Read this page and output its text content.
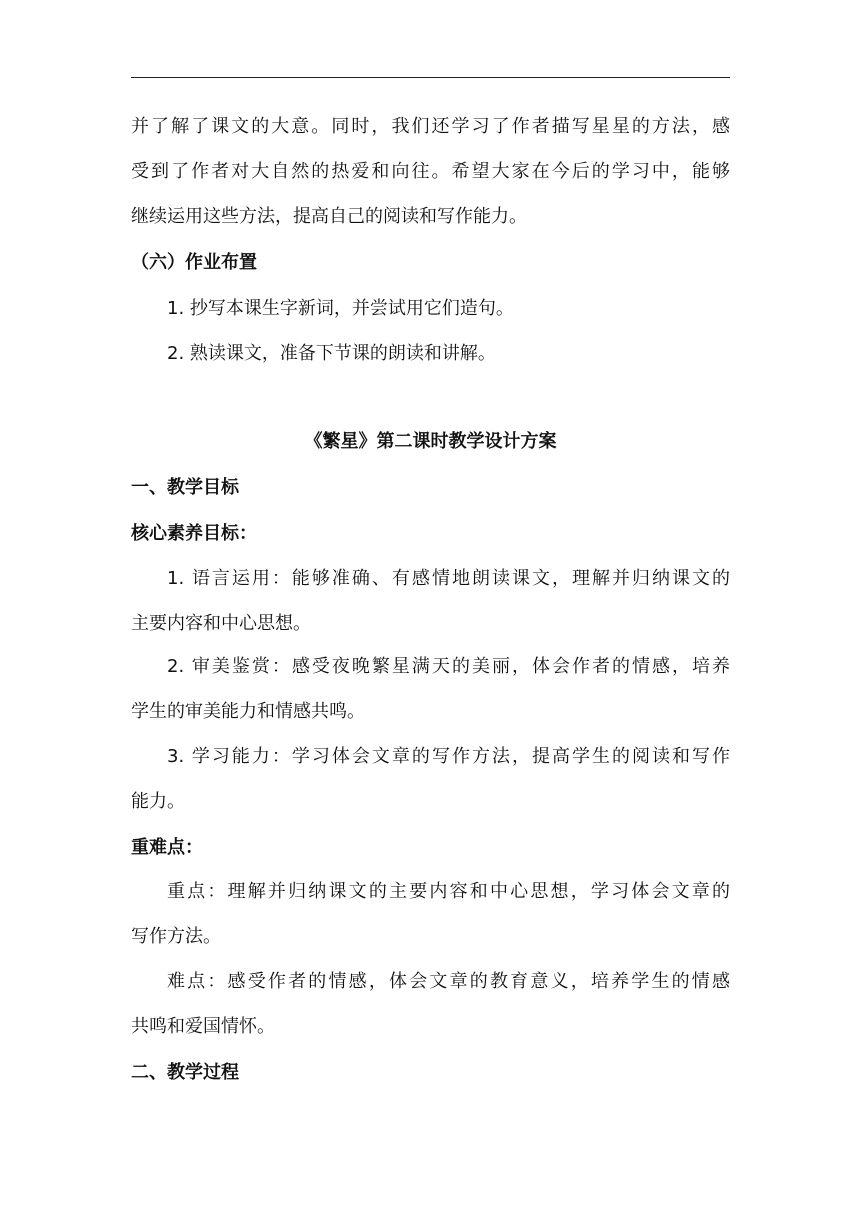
并了解了课文的大意。同时，我们还学习了作者描写星星的方法，感
受到了作者对大自然的热爱和向往。希望大家在今后的学习中，能够
继续运用这些方法，提高自己的阅读和写作能力。
（六）作业布置
1. 抄写本课生字新词，并尝试用它们造句。
2. 熟读课文，准备下节课的朗读和讲解。
《繁星》第二课时教学设计方案
一、教学目标
核心素养目标：
1. 语言运用：能够准确、有感情地朗读课文，理解并归纳课文的
主要内容和中心思想。
2. 审美鉴赏：感受夜晚繁星满天的美丽，体会作者的情感，培养
学生的审美能力和情感共鸣。
3. 学习能力：学习体会文章的写作方法，提高学生的阅读和写作
能力。
重难点：
重点：理解并归纳课文的主要内容和中心思想，学习体会文章的
写作方法。
难点：感受作者的情感，体会文章的教育意义，培养学生的情感
共鸣和爱国情怀。
二、教学过程
